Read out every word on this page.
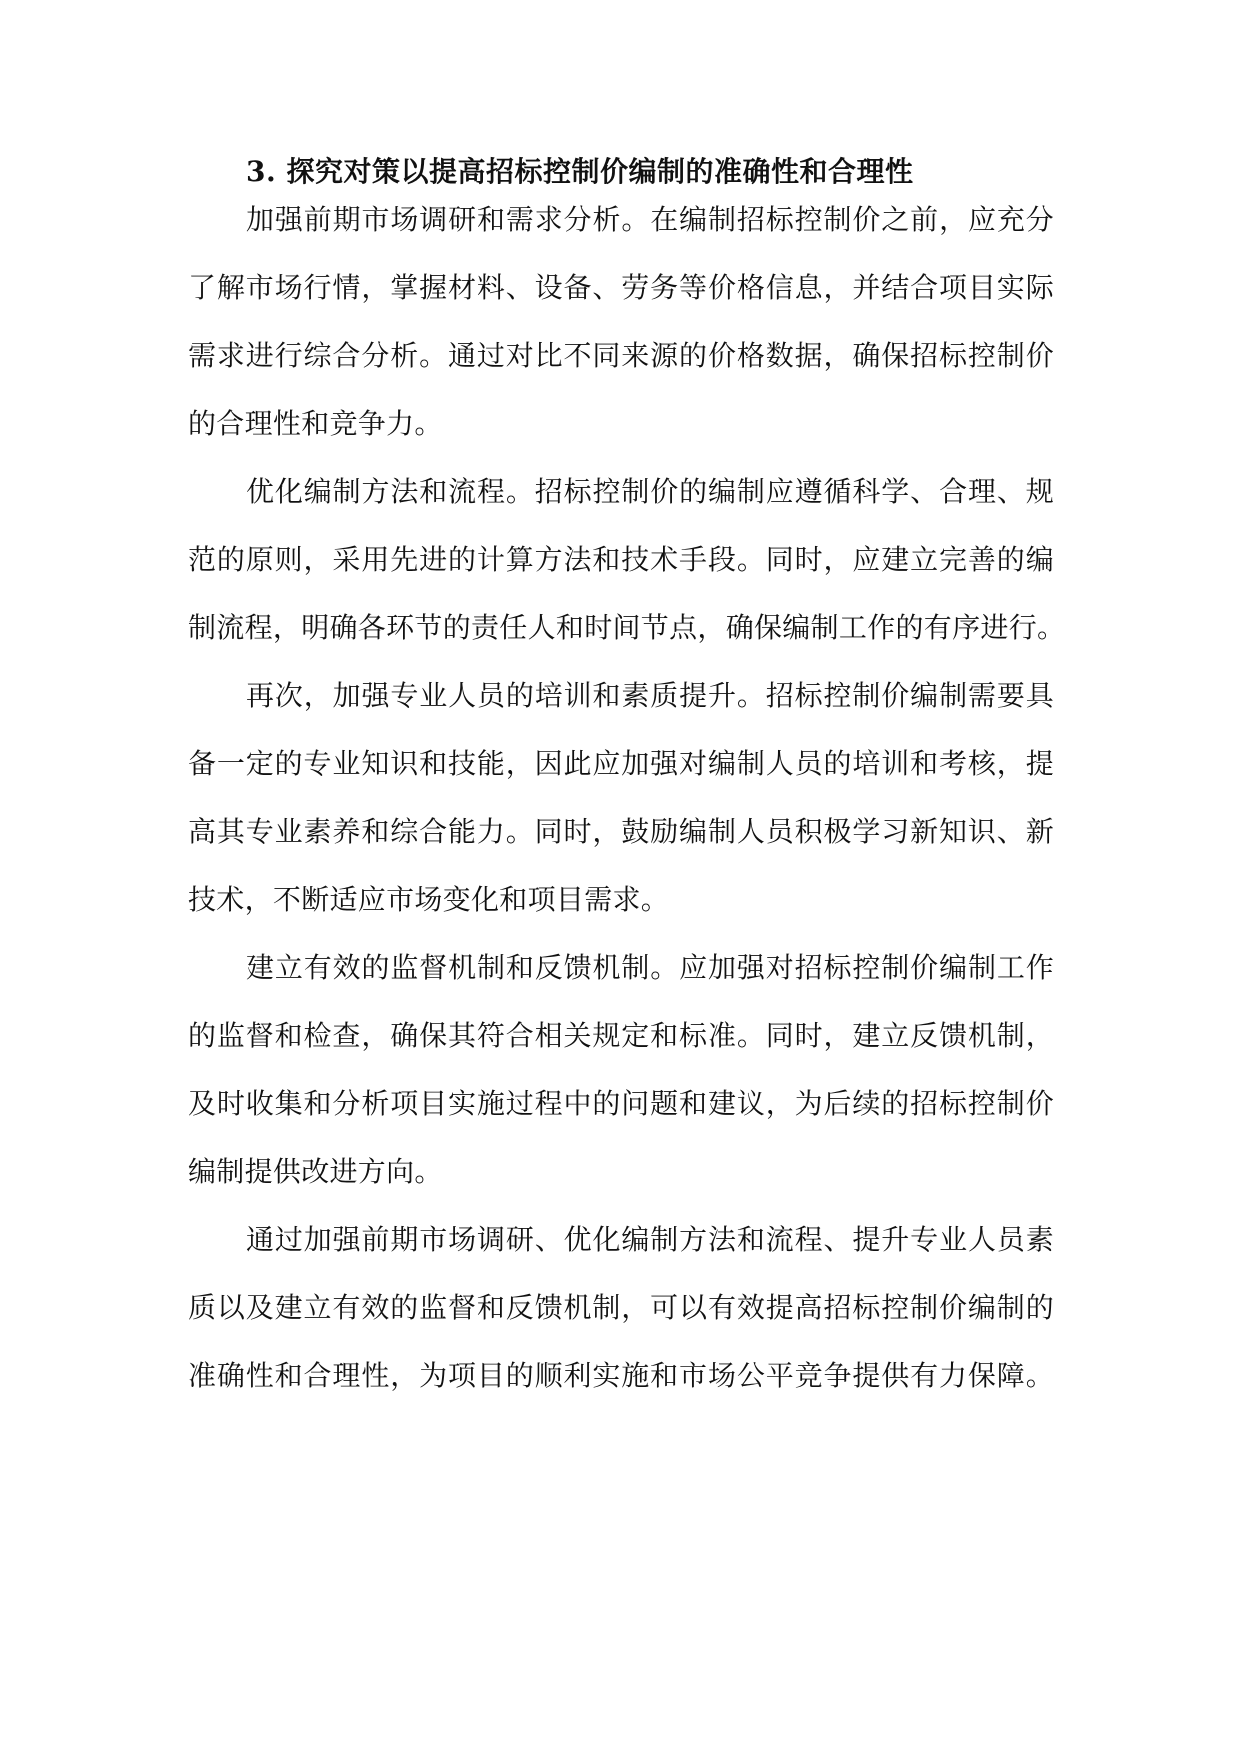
3. 探究对策以提高招标控制价编制的准确性和合理性
加强前期市场调研和需求分析。在编制招标控制价之前，应充分
了解市场行情，掌握材料、设备、劳务等价格信息，并结合项目实际
需求进行综合分析。通过对比不同来源的价格数据，确保招标控制价
的合理性和竞争力。
优化编制方法和流程。招标控制价的编制应遵循科学、合理、规
范的原则，采用先进的计算方法和技术手段。同时，应建立完善的编
制流程，明确各环节的责任人和时间节点，确保编制工作的有序进行。
再次，加强专业人员的培训和素质提升。招标控制价编制需要具
备一定的专业知识和技能，因此应加强对编制人员的培训和考核，提
高其专业素养和综合能力。同时，鼓励编制人员积极学习新知识、新
技术，不断适应市场变化和项目需求。
建立有效的监督机制和反馈机制。应加强对招标控制价编制工作
的监督和检查，确保其符合相关规定和标准。同时，建立反馈机制，
及时收集和分析项目实施过程中的问题和建议，为后续的招标控制价
编制提供改进方向。
通过加强前期市场调研、优化编制方法和流程、提升专业人员素
质以及建立有效的监督和反馈机制，可以有效提高招标控制价编制的
准确性和合理性，为项目的顺利实施和市场公平竞争提供有力保障。
